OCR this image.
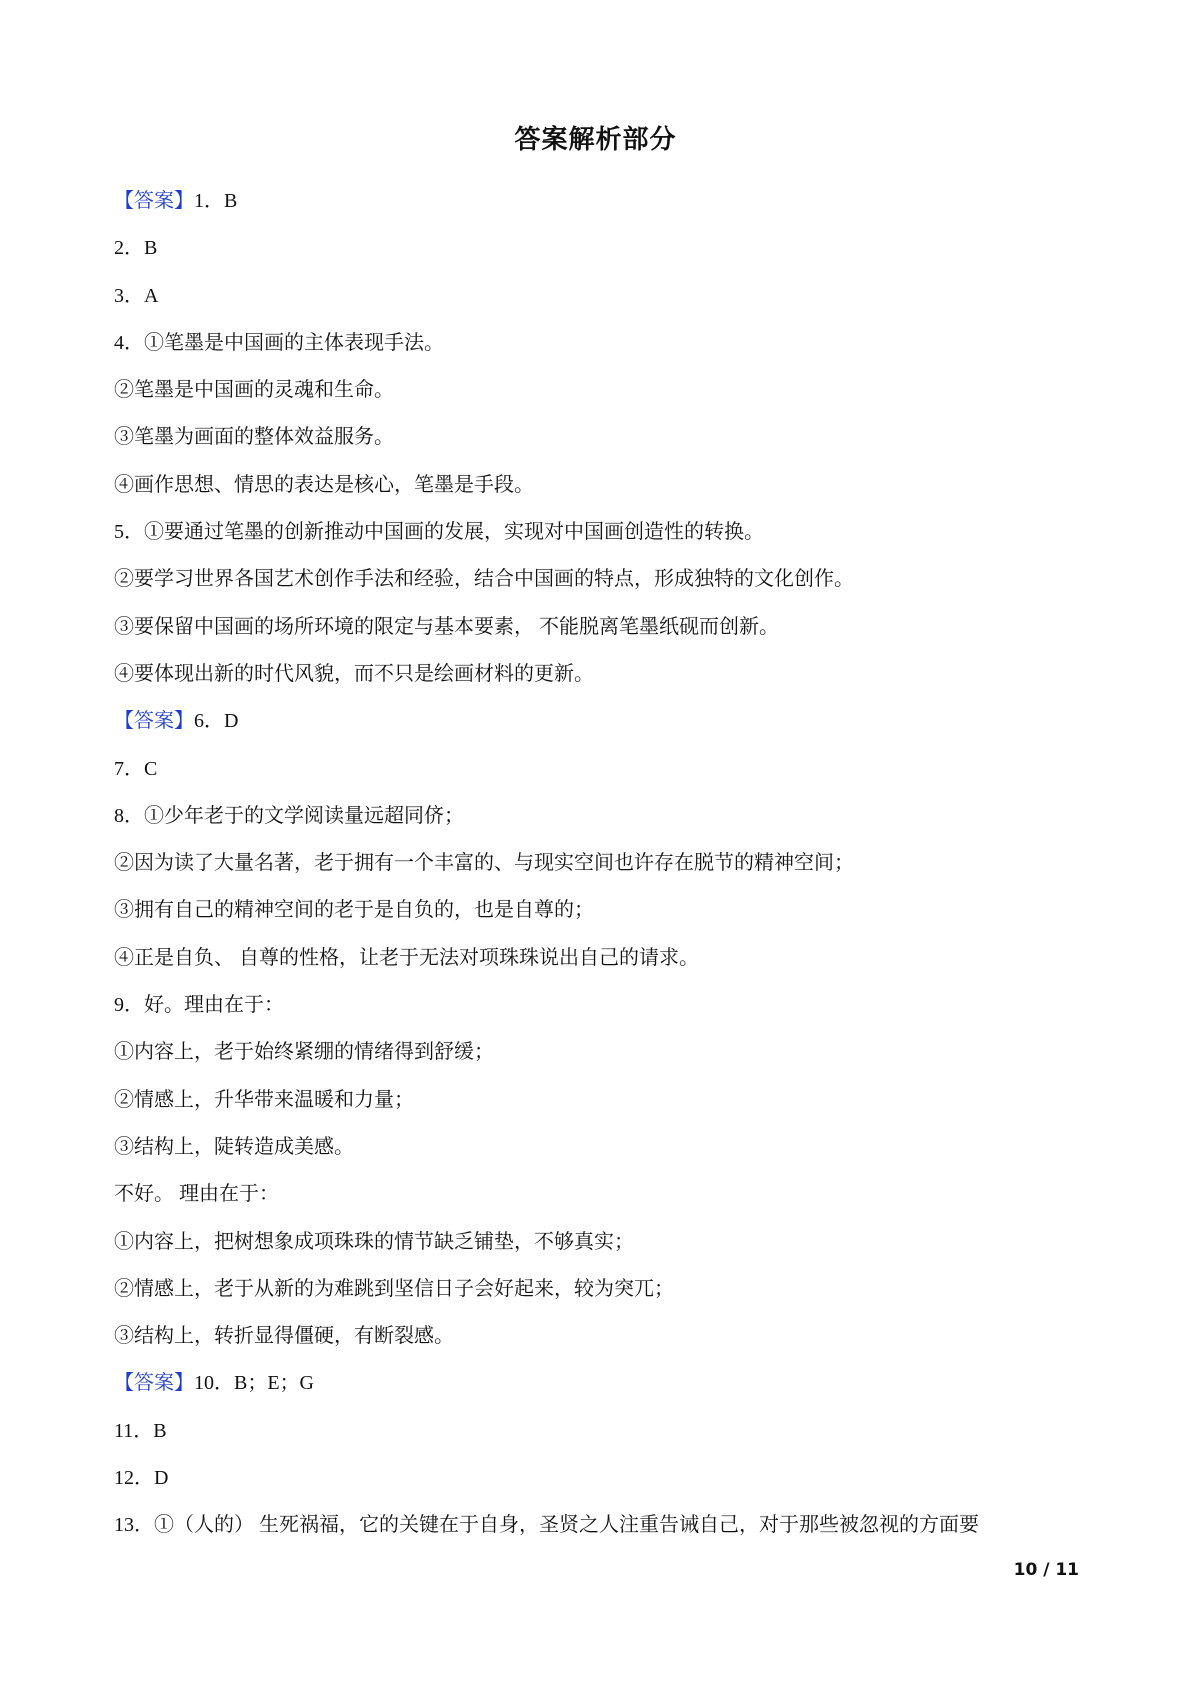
答案解析部分
【答案】1．B
2．B
3．A
4．①笔墨是中国画的主体表现手法。
②笔墨是中国画的灵魂和生命。
③笔墨为画面的整体效益服务。
④画作思想、情思的表达是核心，笔墨是手段。
5．①要通过笔墨的创新推动中国画的发展，实现对中国画创造性的转换。
②要学习世界各国艺术创作手法和经验，结合中国画的特点，形成独特的文化创作。
③要保留中国画的场所环境的限定与基本要素， 不能脱离笔墨纸砚而创新。
④要体现出新的时代风貌，而不只是绘画材料的更新。
【答案】6．D
7．C
8．①少年老于的文学阅读量远超同侪；
②因为读了大量名著，老于拥有一个丰富的、与现实空间也许存在脱节的精神空间；
③拥有自己的精神空间的老于是自负的，也是自尊的；
④正是自负、 自尊的性格，让老于无法对项珠珠说出自己的请求。
9．好。理由在于：
①内容上，老于始终紧绷的情绪得到舒缓；
②情感上，升华带来温暖和力量；
③结构上，陡转造成美感。
不好。 理由在于：
①内容上，把树想象成项珠珠的情节缺乏铺垫，不够真实；
②情感上，老于从新的为难跳到坚信日子会好起来，较为突兀；
③结构上，转折显得僵硬，有断裂感。
【答案】10．B；E；G
11．B
12．D
13．①（人的） 生死祸福，它的关键在于自身，圣贤之人注重告诫自己，对于那些被忽视的方面要
10 / 11
